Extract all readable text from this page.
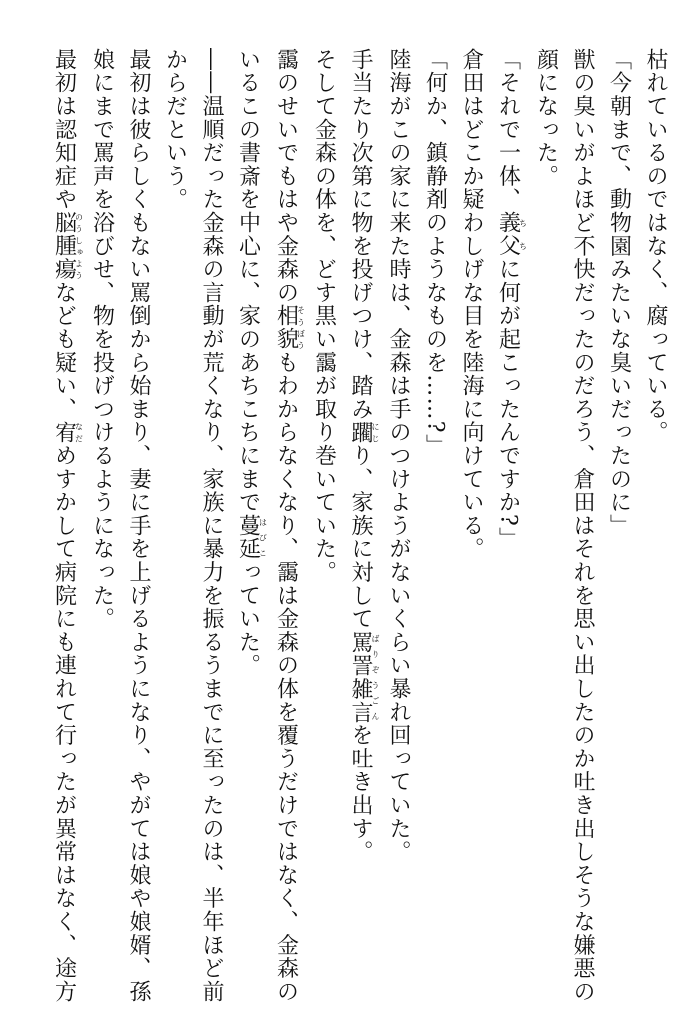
枯れているのではなく、腐っている。
「今朝まで、動物園みたいな臭いだったのに」
獣の臭いがよほど不快だったのだろう、倉田はそれを思い出したのか吐き出しそうな嫌悪の
顔になった。
「それで一体、義父ちちに何が起こったんですか?」
倉田はどこか疑わしげな目を陸海に向けている。
「何か、鎮静剤のようなものを……?」
陸海がこの家に来た時は、金森は手のつけようがないくらい暴れ回っていた。
手当たり次第に物を投げつけ、踏み躙にじり、家族に対して罵詈雑言ばりぞうごんを吐き出す。
そして金森の体を、どす黒い靄が取り巻いていた。
靄のせいでもはや金森の相貌そうぼうもわからなくなり、靄は金森の体を覆うだけではなく、金森の
いるこの書斎を中心に、家のあちこちにまで蔓延はびこっていた。
――温順だった金森の言動が荒くなり、家族に暴力を振るうまでに至ったのは、半年ほど前
からだという。
最初は彼らしくもない罵倒から始まり、妻に手を上げるようになり、やがては娘や娘婿、孫
娘にまで罵声を浴びせ、物を投げつけるようになった。
最初は認知症や脳腫瘍のうしゅようなども疑い、宥なだめすかして病院にも連れて行ったが異常はなく、途方
